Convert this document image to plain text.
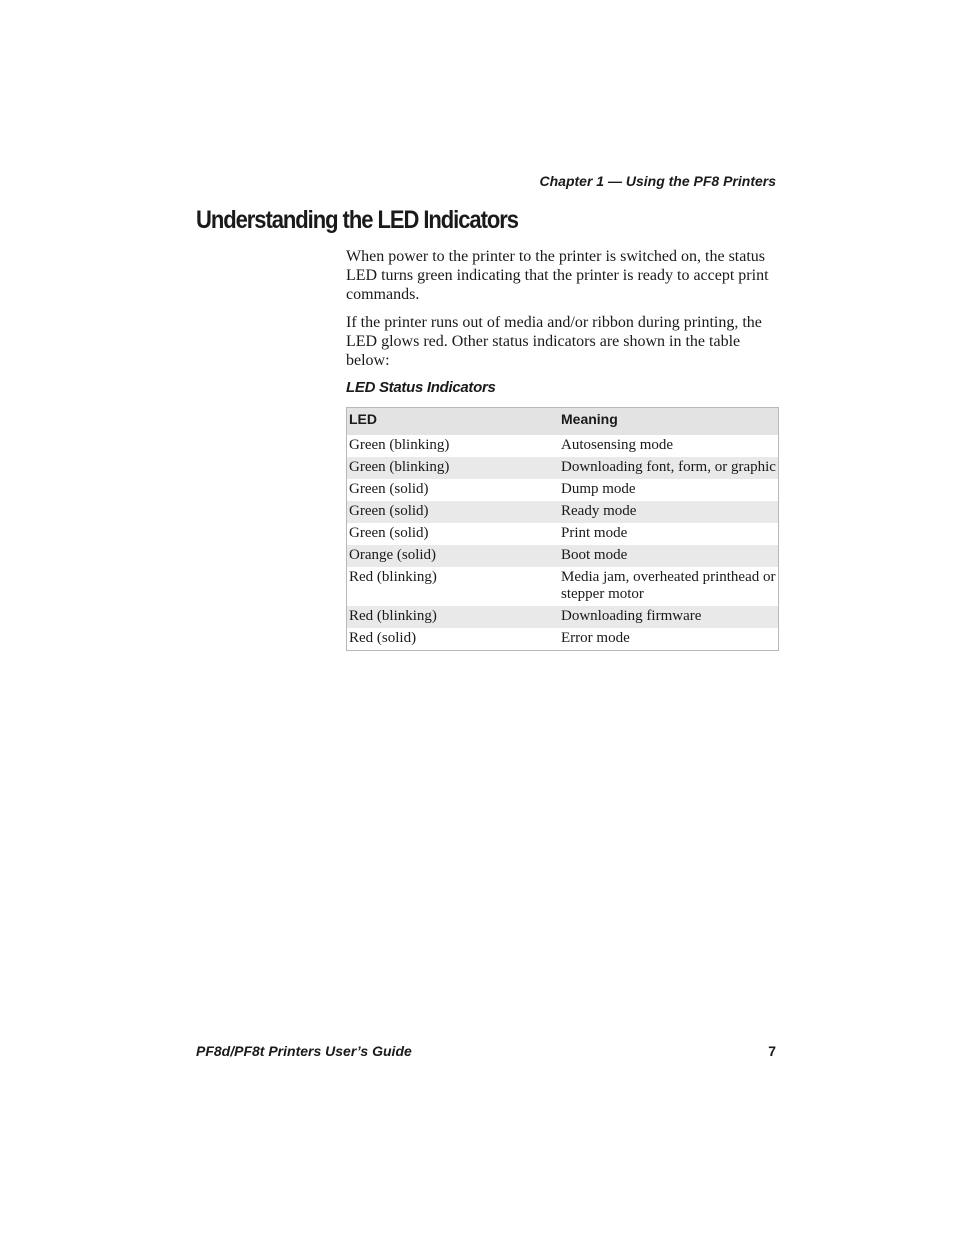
Chapter 1 — Using the PF8 Printers
Understanding the LED Indicators

When power to the printer to the printer is switched on, the status LED turns green indicating that the printer is ready to accept print commands.

If the printer runs out of media and/or ribbon during printing, the LED glows red. Other status indicators are shown in the table below:

LED Status Indicators
LED	Meaning
Green (blinking)	Autosensing mode
Green (blinking)	Downloading font, form, or graphic
Green (solid)	Dump mode
Green (solid)	Ready mode
Green (solid)	Print mode
Orange (solid)	Boot mode
Red (blinking)	Media jam, overheated printhead or stepper motor
Red (blinking)	Downloading firmware
Red (solid)	Error mode
PF8d/PF8t Printers User’s Guide	7
